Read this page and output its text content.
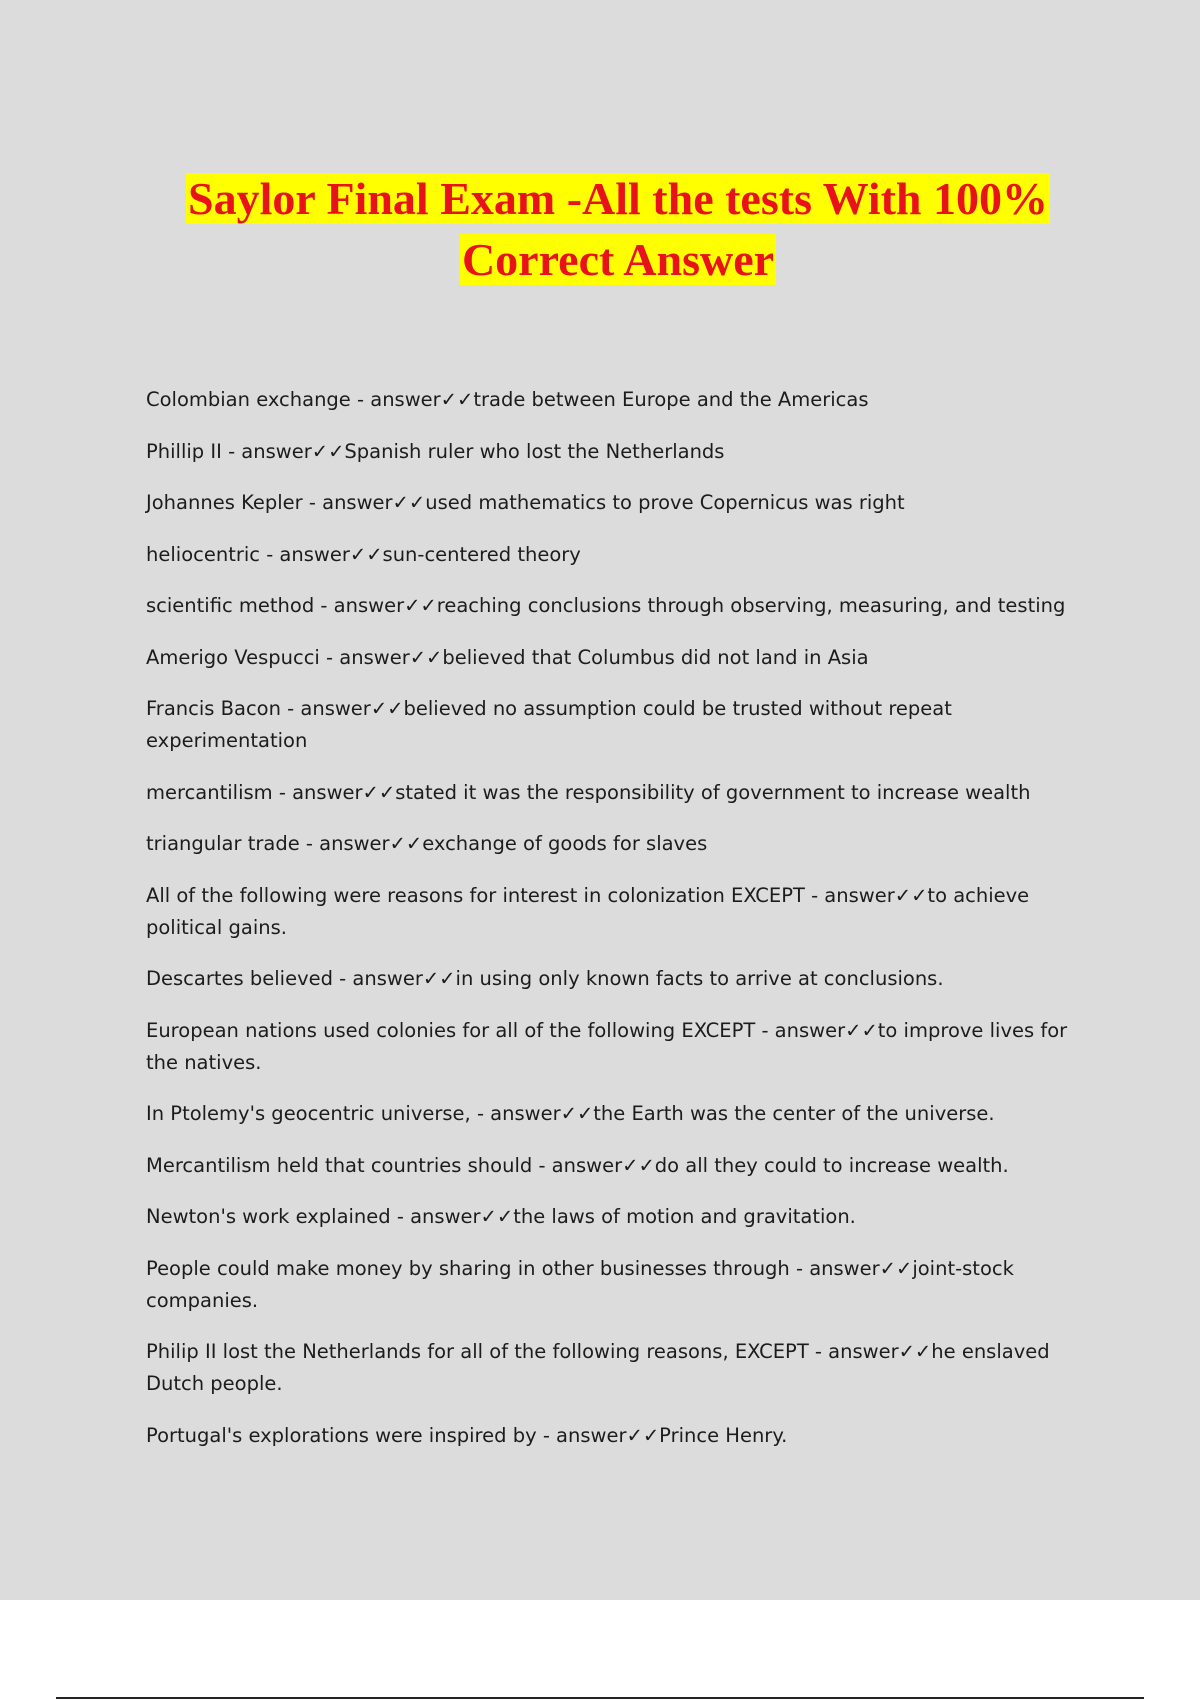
Saylor Final Exam -All the tests With 100%
Correct Answer
Colombian exchange - answer✓✓trade between Europe and the Americas
Phillip II - answer✓✓Spanish ruler who lost the Netherlands
Johannes Kepler - answer✓✓used mathematics to prove Copernicus was right
heliocentric - answer✓✓sun-centered theory
scientific method - answer✓✓reaching conclusions through observing, measuring, and testing
Amerigo Vespucci - answer✓✓believed that Columbus did not land in Asia
Francis Bacon - answer✓✓believed no assumption could be trusted without repeat experimentation
mercantilism - answer✓✓stated it was the responsibility of government to increase wealth
triangular trade - answer✓✓exchange of goods for slaves
All of the following were reasons for interest in colonization EXCEPT - answer✓✓to achieve political gains.
Descartes believed - answer✓✓in using only known facts to arrive at conclusions.
European nations used colonies for all of the following EXCEPT - answer✓✓to improve lives for the natives.
In Ptolemy's geocentric universe, - answer✓✓the Earth was the center of the universe.
Mercantilism held that countries should - answer✓✓do all they could to increase wealth.
Newton's work explained - answer✓✓the laws of motion and gravitation.
People could make money by sharing in other businesses through - answer✓✓joint-stock companies.
Philip II lost the Netherlands for all of the following reasons, EXCEPT - answer✓✓he enslaved Dutch people.
Portugal's explorations were inspired by - answer✓✓Prince Henry.
